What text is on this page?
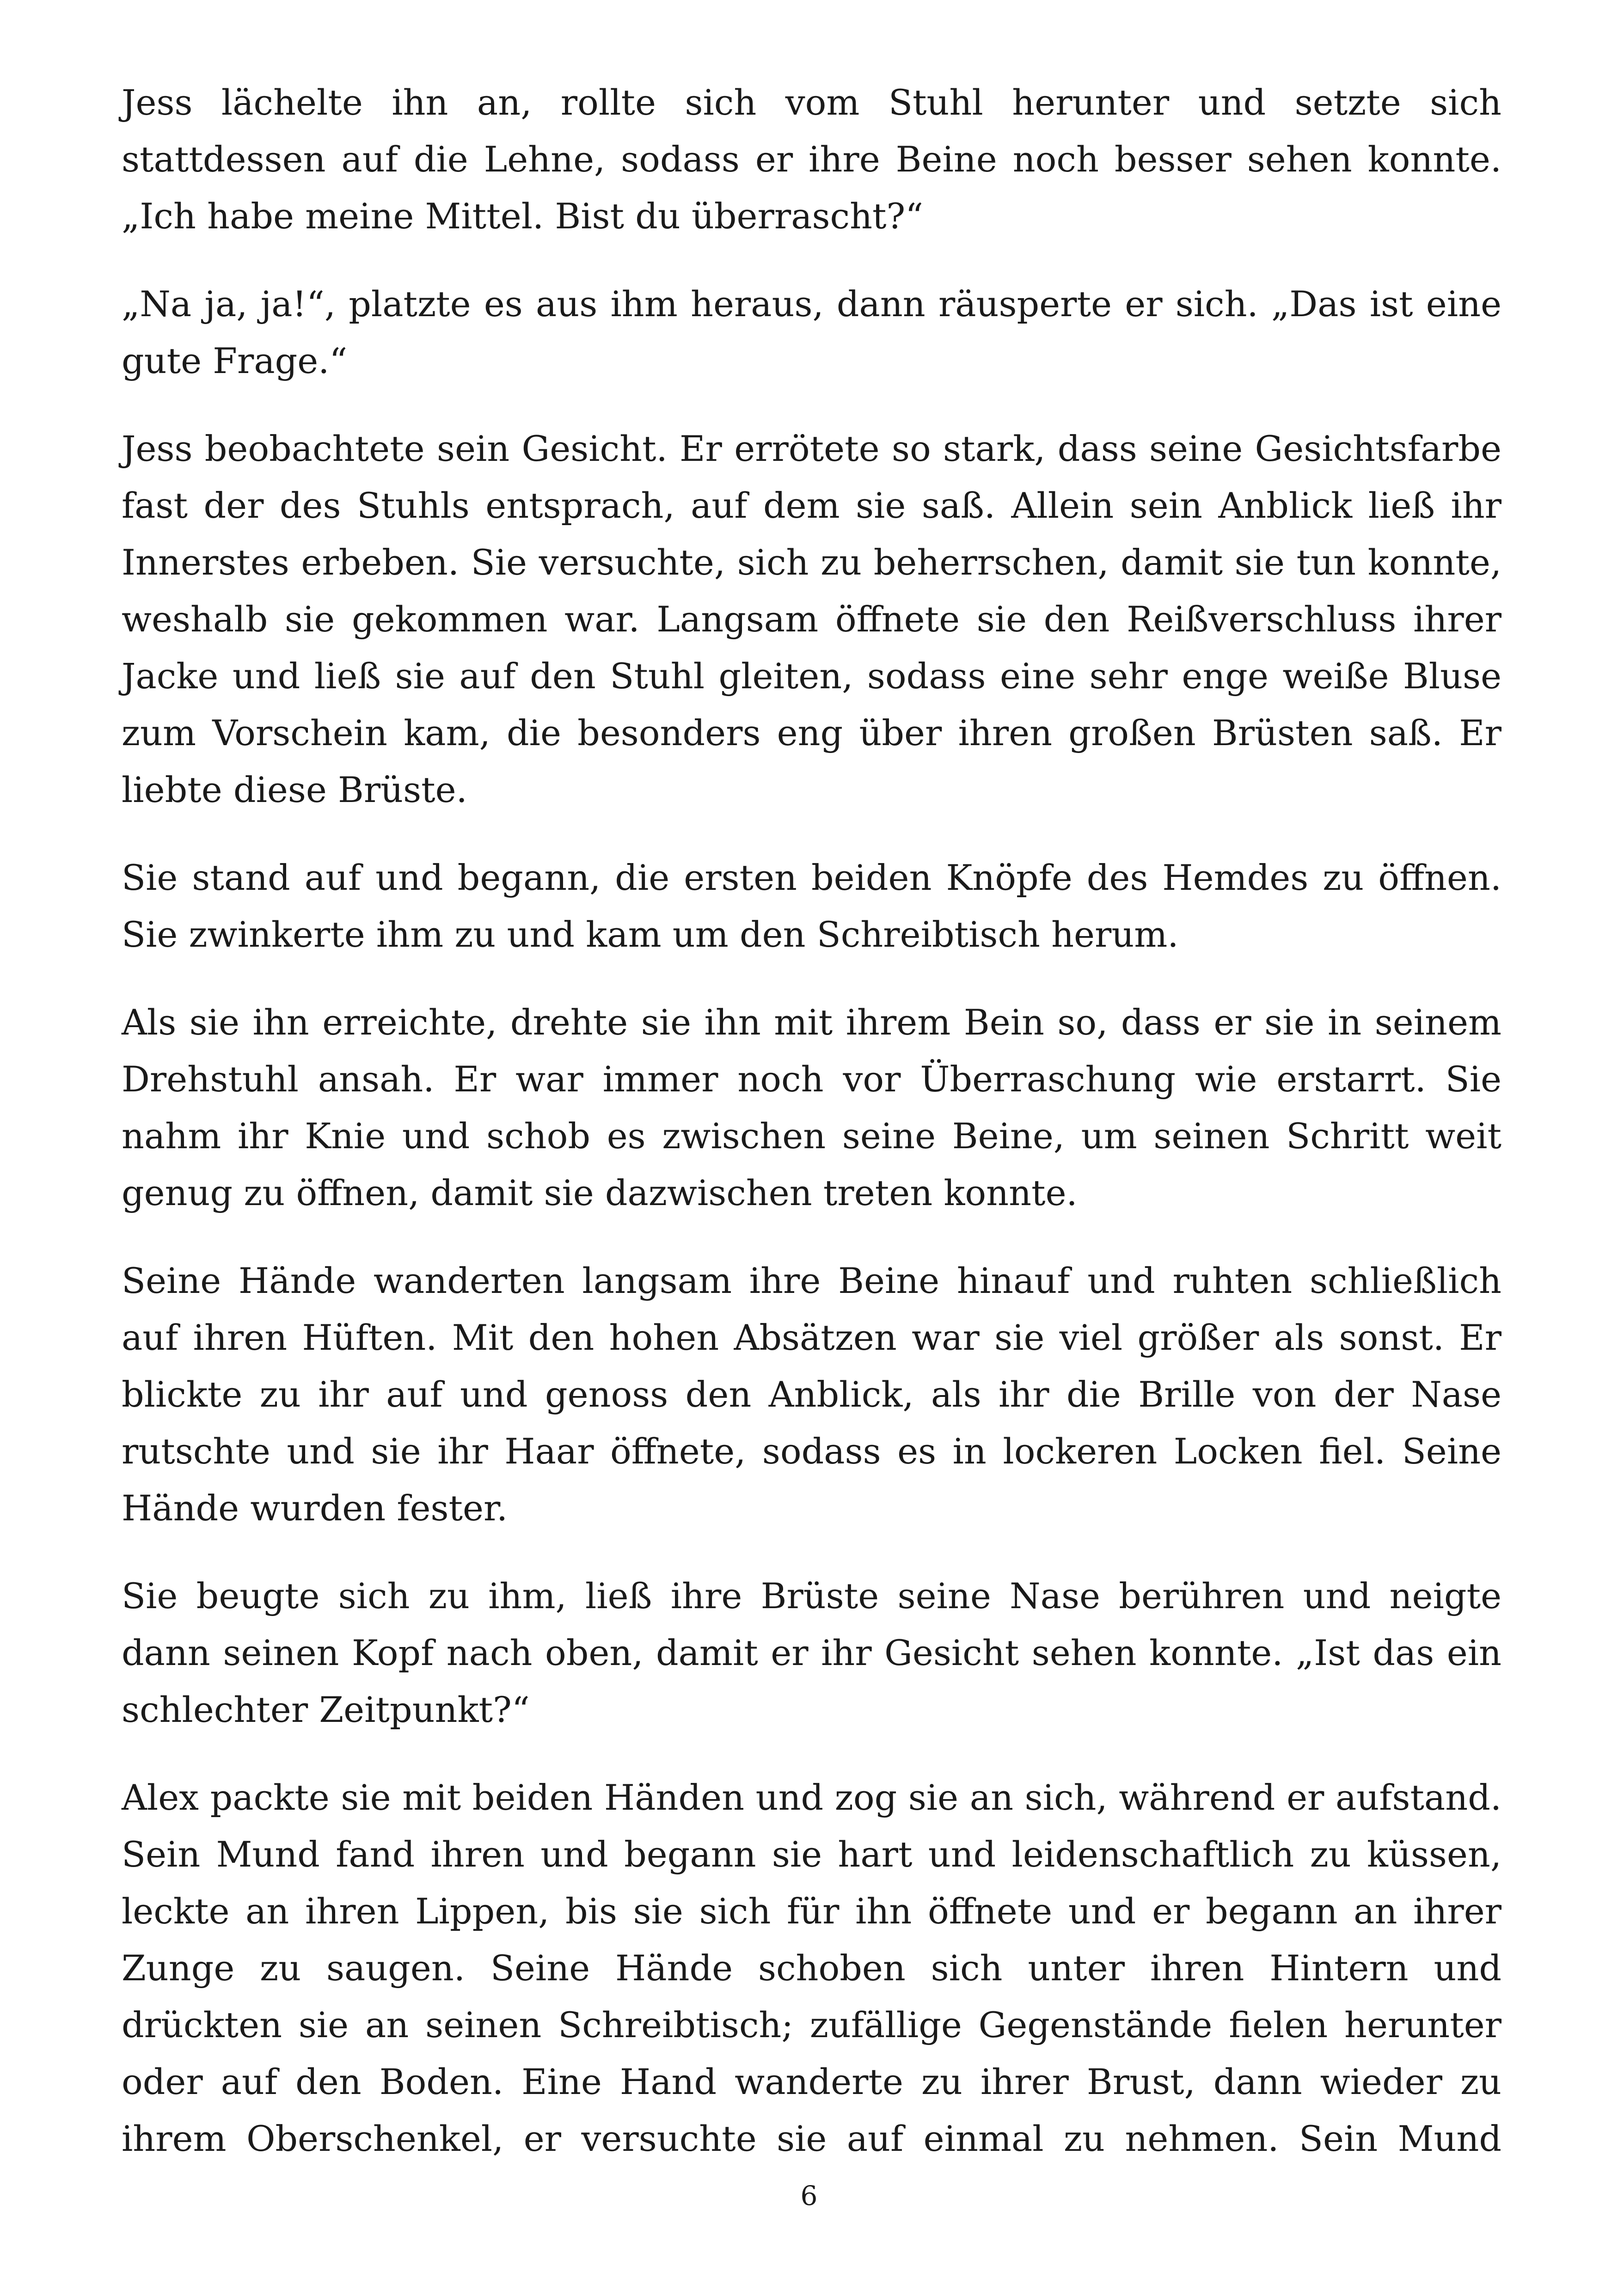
Jess lächelte ihn an, rollte sich vom Stuhl herunter und setzte sich stattdessen auf die Lehne, sodass er ihre Beine noch besser sehen konnte. „Ich habe meine Mittel. Bist du überrascht?“

„Na ja, ja!“, platzte es aus ihm heraus, dann räusperte er sich. „Das ist eine gute Frage.“

Jess beobachtete sein Gesicht. Er errötete so stark, dass seine Gesichtsfarbe fast der des Stuhls entsprach, auf dem sie saß. Allein sein Anblick ließ ihr Innerstes erbeben. Sie versuchte, sich zu beherrschen, damit sie tun konnte, weshalb sie gekommen war. Langsam öffnete sie den Reißverschluss ihrer Jacke und ließ sie auf den Stuhl gleiten, sodass eine sehr enge weiße Bluse zum Vorschein kam, die besonders eng über ihren großen Brüsten saß. Er liebte diese Brüste.

Sie stand auf und begann, die ersten beiden Knöpfe des Hemdes zu öffnen. Sie zwinkerte ihm zu und kam um den Schreibtisch herum.

Als sie ihn erreichte, drehte sie ihn mit ihrem Bein so, dass er sie in seinem Drehstuhl ansah. Er war immer noch vor Überraschung wie erstarrt. Sie nahm ihr Knie und schob es zwischen seine Beine, um seinen Schritt weit genug zu öffnen, damit sie dazwischen treten konnte.

Seine Hände wanderten langsam ihre Beine hinauf und ruhten schließlich auf ihren Hüften. Mit den hohen Absätzen war sie viel größer als sonst. Er blickte zu ihr auf und genoss den Anblick, als ihr die Brille von der Nase rutschte und sie ihr Haar öffnete, sodass es in lockeren Locken fiel. Seine Hände wurden fester.

Sie beugte sich zu ihm, ließ ihre Brüste seine Nase berühren und neigte dann seinen Kopf nach oben, damit er ihr Gesicht sehen konnte. „Ist das ein schlechter Zeitpunkt?“

Alex packte sie mit beiden Händen und zog sie an sich, während er aufstand. Sein Mund fand ihren und begann sie hart und leidenschaftlich zu küssen, leckte an ihren Lippen, bis sie sich für ihn öffnete und er begann an ihrer Zunge zu saugen. Seine Hände schoben sich unter ihren Hintern und drückten sie an seinen Schreibtisch; zufällige Gegenstände fielen herunter oder auf den Boden. Eine Hand wanderte zu ihrer Brust, dann wieder zu ihrem Oberschenkel, er versuchte sie auf einmal zu nehmen. Sein Mund

6
